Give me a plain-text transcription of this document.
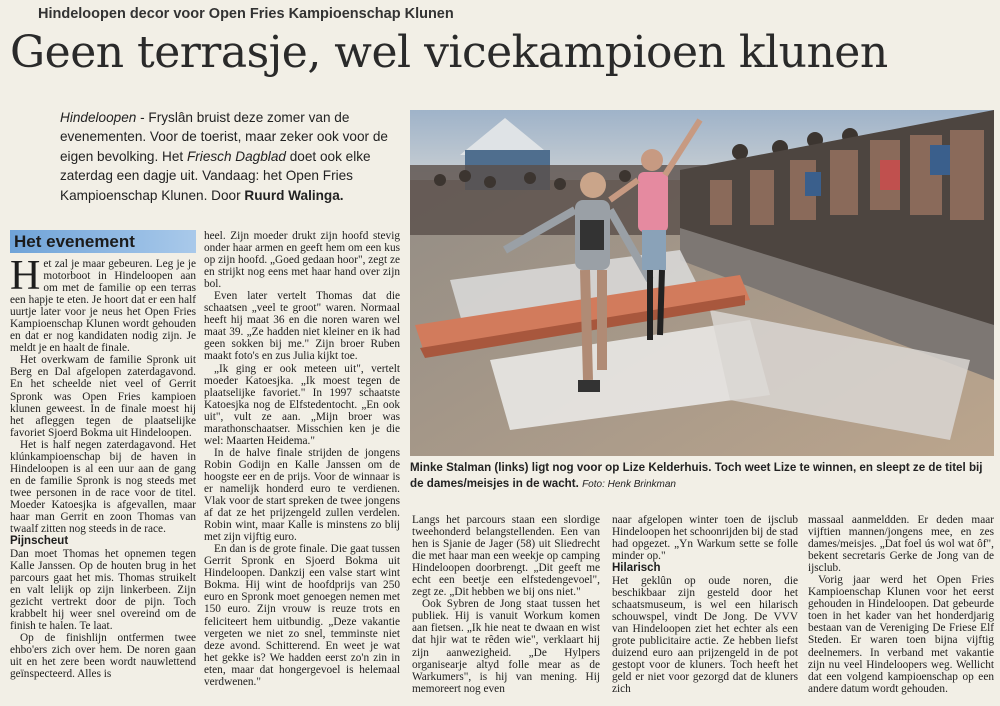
Hindeloopen decor voor Open Fries Kampioenschap Klunen
Geen terrasje, wel vicekampioen klunen
Hindeloopen - Fryslân bruist deze zomer van de evenementen. Voor de toerist, maar zeker ook voor de eigen bevolking. Het Friesch Dagblad doet ook elke zaterdag een dagje uit. Vandaag: het Open Fries Kampioenschap Klunen. Door Ruurd Walinga.
Minke Stalman (links) ligt nog voor op Lize Kelderhuis. Toch weet Lize te winnen, en sleept ze de titel bij de dames/meisjes in de wacht. Foto: Henk Brinkman
Het evenement

Het zal je maar gebeuren. Leg je je motorboot in Hindeloopen aan om met de familie op een terras een hapje te eten. Je hoort dat er een half uurtje later voor je neus het Open Fries Kampioenschap Klunen wordt gehouden en dat er nog kandidaten nodig zijn. Je meldt je en haalt de finale.

Het overkwam de familie Spronk uit Berg en Dal afgelopen zaterdagavond. En het scheelde niet veel of Gerrit Spronk was Open Fries kampioen klunen geweest. In de finale moest hij het afleggen tegen de plaatselijke favoriet Sjoerd Bokma uit Hindeloopen.

Het is half negen zaterdagavond. Het klúnkampioenschap bij de haven in Hindeloopen is al een uur aan de gang en de familie Spronk is nog steeds met twee personen in de race voor de titel. Moeder Katoesjka is afgevallen, maar haar man Gerrit en zoon Thomas van twaalf zitten nog steeds in de race.

Pijnscheut

Dan moet Thomas het opnemen tegen Kalle Janssen. Op de houten brug in het parcours gaat het mis. Thomas struikelt en valt lelijk op zijn linkerbeen. Zijn gezicht vertrekt door de pijn. Toch krabbelt hij weer snel overeind om de finish te halen. Te laat.

Op de finishlijn ontfermen twee ehbo'ers zich over hem. De noren gaan uit en het zere been wordt nauwlettend geïnspecteerd. Alles is

heel. Zijn moeder drukt zijn hoofd stevig onder haar armen en geeft hem om een kus op zijn hoofd. „Goed gedaan hoor", zegt ze en strijkt nog eens met haar hand over zijn bol.

Even later vertelt Thomas dat die schaatsen „veel te groot" waren. Normaal heeft hij maat 36 en die noren waren wel maat 39. „Ze hadden niet kleiner en ik had geen sokken bij me." Zijn broer Ruben maakt foto's en zus Julia kijkt toe.

„Ik ging er ook meteen uit", vertelt moeder Katoesjka. „Ik moest tegen de plaatselijke favoriet." In 1997 schaatste Katoesjka nog de Elfstedentocht. „En ook uit", vult ze aan. „Mijn broer was marathonschaatser. Misschien ken je die wel: Maarten Heidema."

In de halve finale strijden de jongens Robin Godijn en Kalle Janssen om de hoogste eer en de prijs. Voor de winnaar is er namelijk honderd euro te verdienen. Vlak voor de start spreken de twee jongens af dat ze het prijzengeld zullen verdelen. Robin wint, maar Kalle is minstens zo blij met zijn vijftig euro.

En dan is de grote finale. Die gaat tussen Gerrit Spronk en Sjoerd Bokma uit Hindeloopen. Dankzij een valse start wint Bokma. Hij wint de hoofdprijs van 250 euro en Spronk moet genoegen nemen met 150 euro. Zijn vrouw is reuze trots en feliciteert hem uitbundig. „Deze vakantie vergeten we niet zo snel, temminste niet deze avond. Schitterend. En weet je wat het gekke is? We hadden eerst zo'n zin in eten, maar dat hongergevoel is helemaal verdwenen."

Langs het parcours staan een slordige tweehonderd belangstellenden. Een van hen is Sjanie de Jager (58) uit Sliedrecht die met haar man een weekje op camping Hindeloopen doorbrengt. „Dit geeft me echt een beetje een elfstedengevoel", zegt ze. „Dit hebben we bij ons niet."

Ook Sybren de Jong staat tussen het publiek. Hij is vanuit Workum komen aan fietsen. „Ik hie neat te dwaan en wist dat hjir wat te rêden wie", verklaart hij zijn aanwezigheid. „De Hylpers organisearje altyd folle mear as de Warkumers", is hij van mening. Hij memoreert nog even

naar afgelopen winter toen de ijsclub Hindeloopen het schoonrijden bij de stad had opgezet. „Yn Warkum sette se folle minder op."

Hilarisch

Het geklûn op oude noren, die beschikbaar zijn gesteld door het schaatsmuseum, is wel een hilarisch schouwspel, vindt De Jong. De VVV van Hindeloopen ziet het echter als een grote publicitaire actie. Ze hebben liefst duizend euro aan prijzengeld in de pot gestopt voor de kluners. Toch heeft het geld er niet voor gezorgd dat de kluners zich

massaal aanmeldden. Er deden maar vijftien mannen/jongens mee, en zes dames/meisjes. „Dat foel ús wol wat ôf", bekent secretaris Gerke de Jong van de ijsclub.

Vorig jaar werd het Open Fries Kampioenschap Klunen voor het eerst gehouden in Hindeloopen. Dat gebeurde toen in het kader van het honderdjarig bestaan van de Vereniging De Friese Elf Steden. Er waren toen bijna vijftig deelnemers. In verband met vakantie zijn nu veel Hindeloopers weg. Wellicht dat een volgend kampioenschap op een andere datum wordt gehouden.
